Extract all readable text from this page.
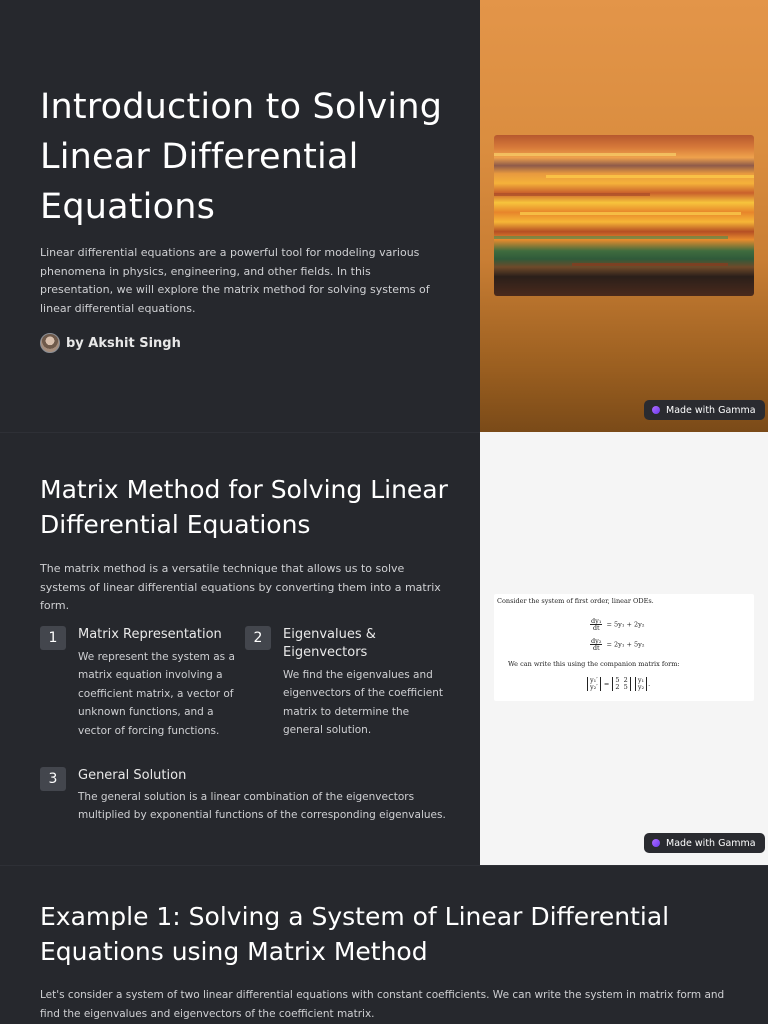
Introduction to Solving Linear Differential Equations

Linear differential equations are a powerful tool for modeling various phenomena in physics, engineering, and other fields. In this presentation, we will explore the matrix method for solving systems of linear differential equations.

by Akshit Singh
Made with Gamma
Matrix Method for Solving Linear Differential Equations

The matrix method is a versatile technique that allows us to solve systems of linear differential equations by converting them into a matrix form.

1	Matrix Representation

We represent the system as a matrix equation involving a coefficient matrix, a vector of unknown functions, and a vector of forcing functions.

2	Eigenvalues & Eigenvectors

We find the eigenvalues and eigenvectors of the coefficient matrix to determine the general solution.

3	General Solution

The general solution is a linear combination of the eigenvectors multiplied by exponential functions of the corresponding eigenvalues.

Consider the system of first order, linear ODEs.
$\frac{\text{dy₁}}{dt} = 5y_1 + 2y_2$
$\frac{\text{dy₂}}{dt} = 2y_1 + 5y_2$
We can write this using the companion matrix form:
y₁′
y₂′ = 5  2
2  5

y₁
y₂ .
Made with Gamma
Example 1: Solving a System of Linear Differential Equations using Matrix Method

Let's consider a system of two linear differential equations with constant coefficients. We can write the system in matrix form and find the eigenvalues and eigenvectors of the coefficient matrix.
